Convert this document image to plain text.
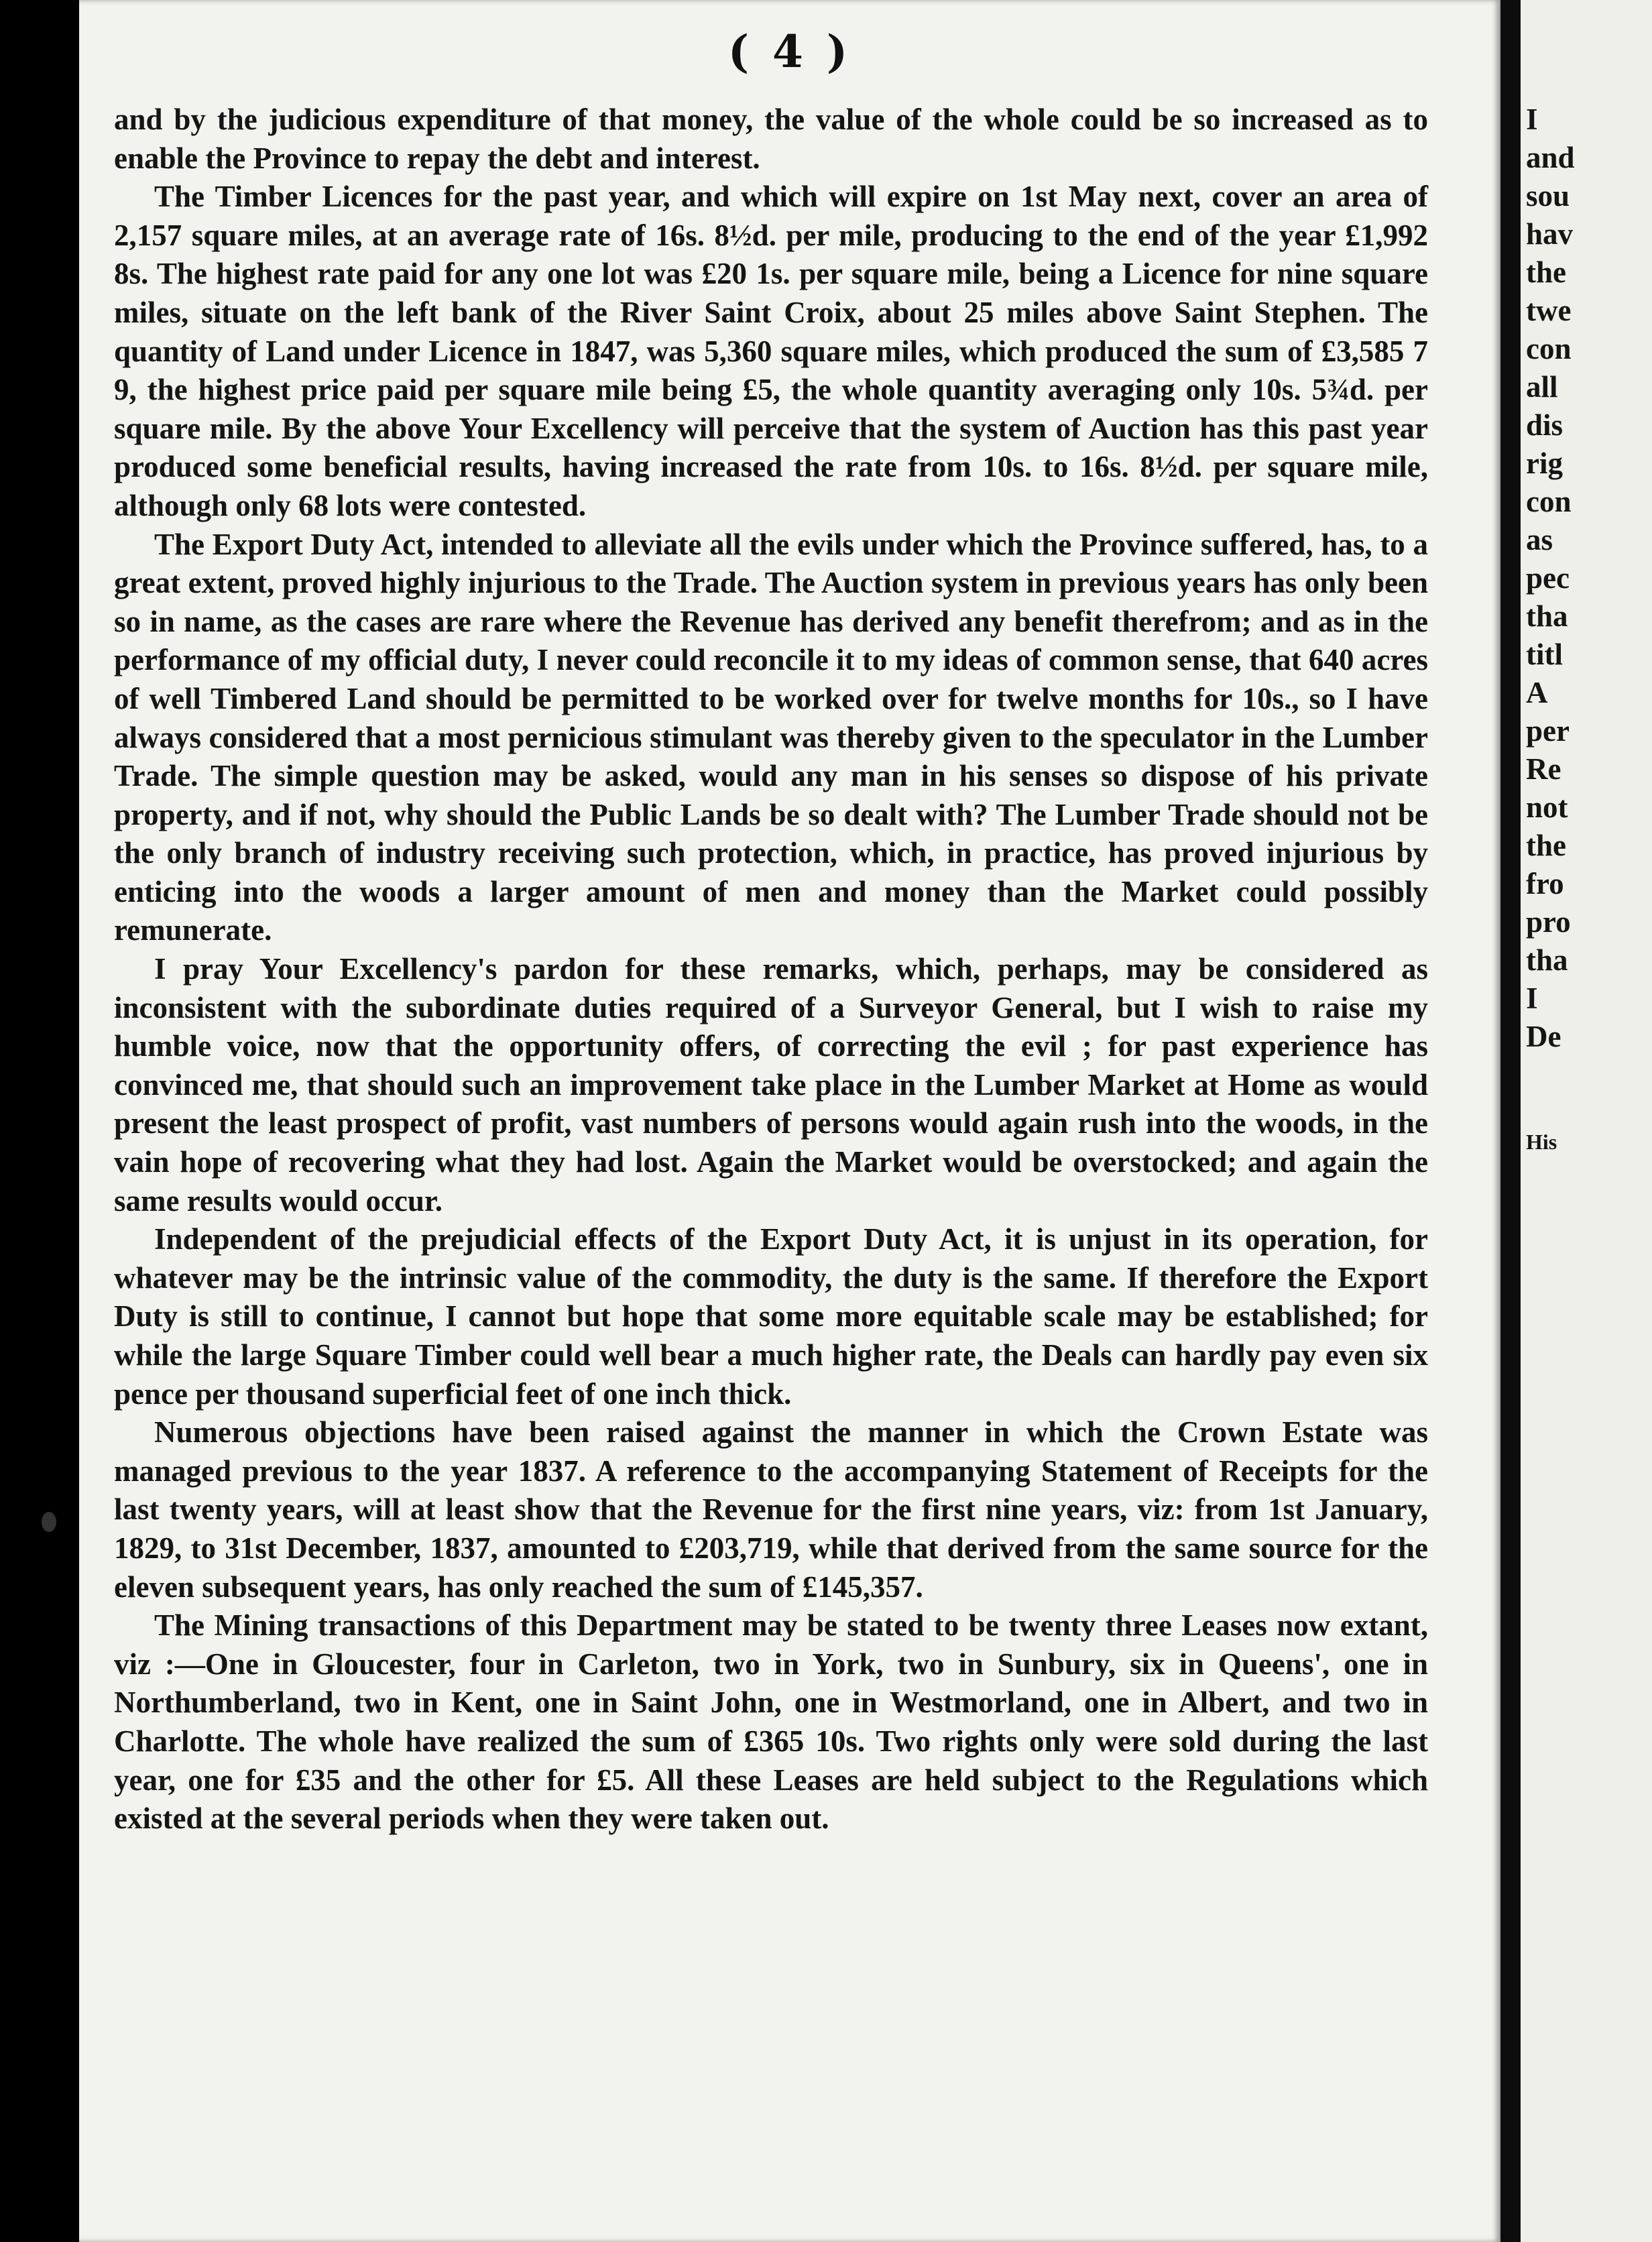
( 4 )

and by the judicious expenditure of that money, the value of the whole could be so increased as to enable the Province to repay the debt and interest.

The Timber Licences for the past year, and which will expire on 1st May next, cover an area of 2,157 square miles, at an average rate of 16s. 8½d. per mile, producing to the end of the year £1,992 8s. The highest rate paid for any one lot was £20 1s. per square mile, being a Licence for nine square miles, situate on the left bank of the River Saint Croix, about 25 miles above Saint Stephen. The quantity of Land under Licence in 1847, was 5,360 square miles, which produced the sum of £3,585 7 9, the highest price paid per square mile being £5, the whole quantity averaging only 10s. 5¾d. per square mile. By the above Your Excellency will perceive that the system of Auction has this past year produced some beneficial results, having increased the rate from 10s. to 16s. 8½d. per square mile, although only 68 lots were contested.

The Export Duty Act, intended to alleviate all the evils under which the Province suffered, has, to a great extent, proved highly injurious to the Trade. The Auction system in previous years has only been so in name, as the cases are rare where the Revenue has derived any benefit therefrom; and as in the performance of my official duty, I never could reconcile it to my ideas of common sense, that 640 acres of well Timbered Land should be permitted to be worked over for twelve months for 10s., so I have always considered that a most pernicious stimulant was thereby given to the speculator in the Lumber Trade. The simple question may be asked, would any man in his senses so dispose of his private property, and if not, why should the Public Lands be so dealt with? The Lumber Trade should not be the only branch of industry receiving such protection, which, in practice, has proved injurious by enticing into the woods a larger amount of men and money than the Market could possibly remunerate.

I pray Your Excellency's pardon for these remarks, which, perhaps, may be considered as inconsistent with the subordinate duties required of a Surveyor General, but I wish to raise my humble voice, now that the opportunity offers, of correcting the evil ; for past experience has convinced me, that should such an improvement take place in the Lumber Market at Home as would present the least prospect of profit, vast numbers of persons would again rush into the woods, in the vain hope of recovering what they had lost. Again the Market would be overstocked; and again the same results would occur.

Independent of the prejudicial effects of the Export Duty Act, it is unjust in its operation, for whatever may be the intrinsic value of the commodity, the duty is the same. If therefore the Export Duty is still to continue, I cannot but hope that some more equitable scale may be established; for while the large Square Timber could well bear a much higher rate, the Deals can hardly pay even six pence per thousand superficial feet of one inch thick.

Numerous objections have been raised against the manner in which the Crown Estate was managed previous to the year 1837. A reference to the accompanying Statement of Receipts for the last twenty years, will at least show that the Revenue for the first nine years, viz: from 1st January, 1829, to 31st December, 1837, amounted to £203,719, while that derived from the same source for the eleven subsequent years, has only reached the sum of £145,357.

The Mining transactions of this Department may be stated to be twenty three Leases now extant, viz :—One in Gloucester, four in Carleton, two in York, two in Sunbury, six in Queens', one in Northumberland, two in Kent, one in Saint John, one in Westmorland, one in Albert, and two in Charlotte. The whole have realized the sum of £365 10s. Two rights only were sold during the last year, one for £35 and the other for £5. All these Leases are held subject to the Regulations which existed at the several periods when they were taken out.

I
and
sou
hav
the
twe
con
all
dis
rig
con
as
pec
tha
titl
A
per
Re
not
the
fro
pro
tha
I
De
His
